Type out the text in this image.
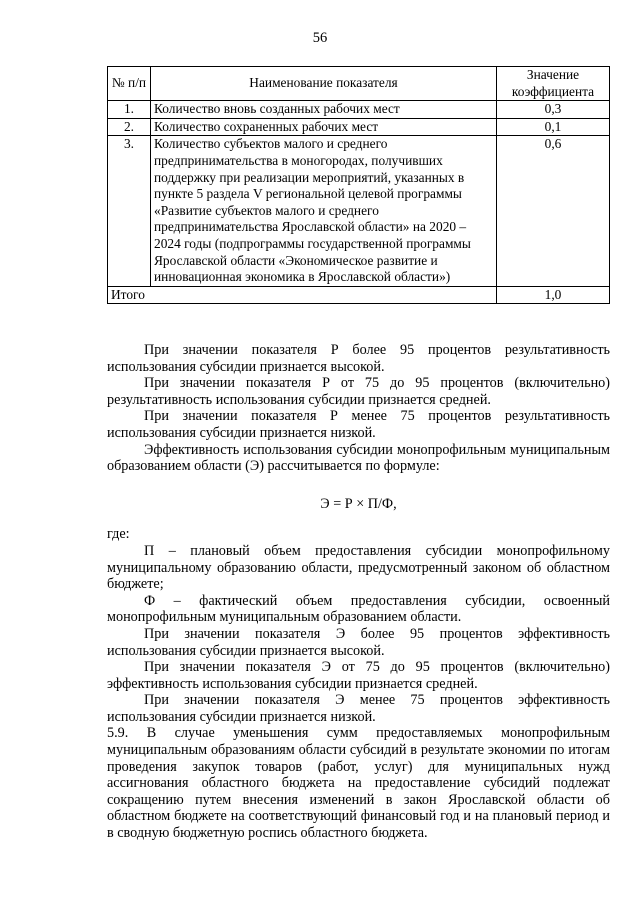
56
№ п/п	Наименование показателя	Значение коэффициента
1.	Количество вновь созданных рабочих мест	0,3
2.	Количество сохраненных рабочих мест	0,1
3.	Количество субъектов малого и среднего предпринимательства в моногородах, получивших поддержку при реализации мероприятий, указанных в пункте 5 раздела V региональной целевой программы «Развитие субъектов малого и среднего предпринимательства Ярославской области» на 2020 – 2024 годы (подпрограммы государственной программы Ярославской области «Экономическое развитие и инновационная экономика в Ярославской области»)	0,6
Итого		1,0

При значении показателя Р более 95 процентов результативность использования субсидии признается высокой.

При значении показателя Р от 75 до 95 процентов (включительно) результативность использования субсидии признается средней.

При значении показателя Р менее 75 процентов результативность использования субсидии признается низкой.

Эффективность использования субсидии монопрофильным муниципальным образованием области (Э) рассчитывается по формуле:

Э = Р × П/Ф,

где:

П – плановый объем предоставления субсидии монопрофильному муниципальному образованию области, предусмотренный законом об областном бюджете;

Ф – фактический объем предоставления субсидии, освоенный монопрофильным муниципальным образованием области.

При значении показателя Э более 95 процентов эффективность использования субсидии признается высокой.

При значении показателя Э от 75 до 95 процентов (включительно) эффективность использования субсидии признается средней.

При значении показателя Э менее 75 процентов эффективность использования субсидии признается низкой.

5.9. В случае уменьшения сумм предоставляемых монопрофильным муниципальным образованиям области субсидий в результате экономии по итогам проведения закупок товаров (работ, услуг) для муниципальных нужд ассигнования областного бюджета на предоставление субсидий подлежат сокращению путем внесения изменений в закон Ярославской области об областном бюджете на соответствующий финансовый год и на плановый период и в сводную бюджетную роспись областного бюджета.
